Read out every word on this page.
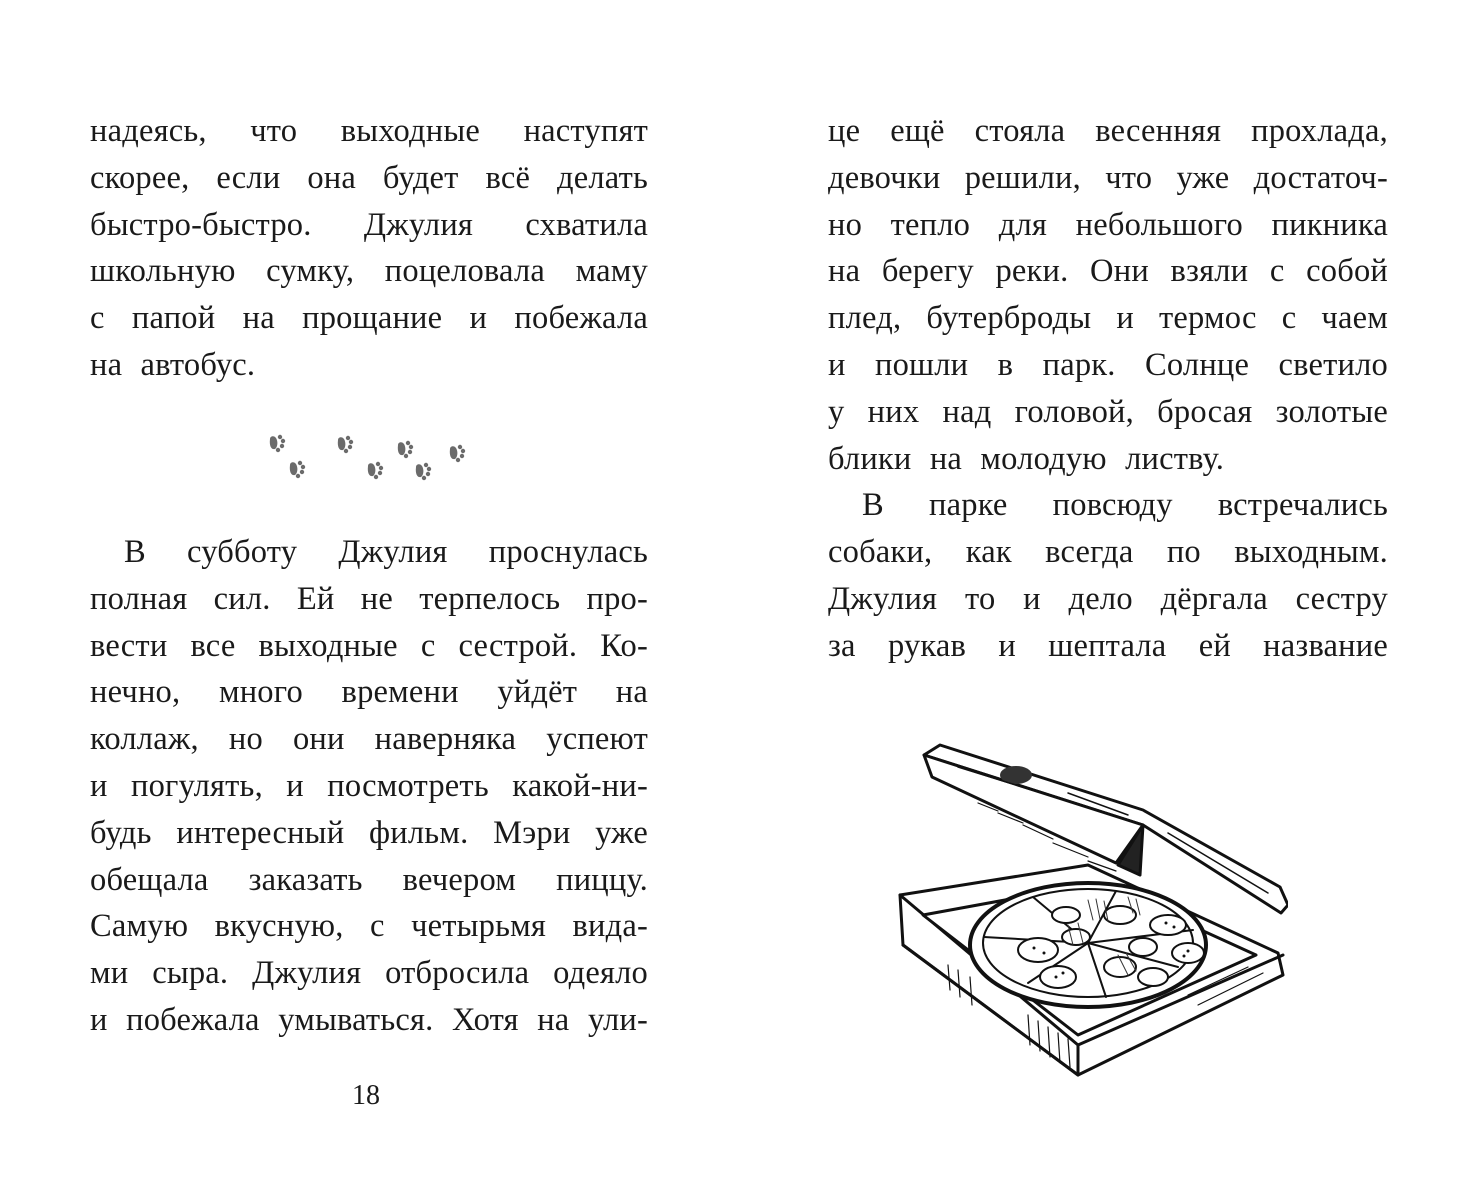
надеясь, что выходные наступят
скорее, если она будет всё делать
быстро-быстро. Джулия схватила
школьную сумку, поцеловала маму
с папой на прощание и побежала
на автобус.
В субботу Джулия проснулась
полная сил. Ей не терпелось про-
вести все выходные с сестрой. Ко-
нечно, много времени уйдёт на
коллаж, но они наверняка успеют
и погулять, и посмотреть какой-ни-
будь интересный фильм. Мэри уже
обещала заказать вечером пиццу.
Самую вкусную, с четырьмя вида-
ми сыра. Джулия отбросила одеяло
и побежала умываться. Хотя на ули-
18
це ещё стояла весенняя прохлада,
девочки решили, что уже достаточ-
но тепло для небольшого пикника
на берегу реки. Они взяли с собой
плед, бутерброды и термос с чаем
и пошли в парк. Солнце светило
у них над головой, бросая золотые
блики на молодую листву.
В парке повсюду встречались
собаки, как всегда по выходным.
Джулия то и дело дёргала сестру
за рукав и шептала ей название
